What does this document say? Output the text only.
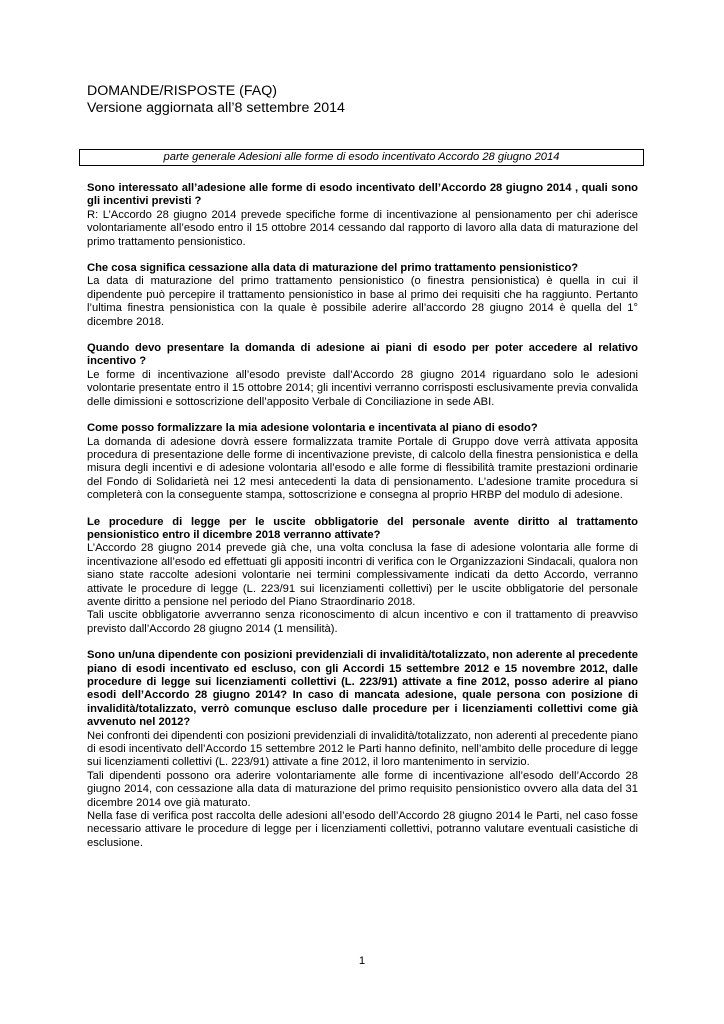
DOMANDE/RISPOSTE (FAQ)
Versione aggiornata all’8 settembre 2014
parte generale Adesioni alle forme di esodo incentivato Accordo 28 giugno 2014

Sono interessato all’adesione alle forme di esodo incentivato dell’Accordo 28 giugno 2014 , quali sono gli incentivi previsti ?

R: L’Accordo 28 giugno 2014 prevede specifiche forme di incentivazione al pensionamento per chi aderisce volontariamente all’esodo entro il 15 ottobre 2014 cessando dal rapporto di lavoro alla data di maturazione del primo trattamento pensionistico.

Che cosa significa cessazione alla data di maturazione del primo trattamento pensionistico?

La data di maturazione del primo trattamento pensionistico (o finestra pensionistica) è quella in cui il dipendente può percepire il trattamento pensionistico in base al primo dei requisiti che ha raggiunto. Pertanto l’ultima finestra pensionistica con la quale è possibile aderire all’accordo 28 giugno 2014 è quella del 1° dicembre 2018.

Quando devo presentare la domanda di adesione ai piani di esodo per poter accedere al relativo incentivo ?

Le forme di incentivazione all’esodo previste dall’Accordo 28 giugno 2014 riguardano solo le adesioni volontarie presentate entro il 15 ottobre 2014; gli incentivi verranno corrisposti esclusivamente previa convalida delle dimissioni e sottoscrizione dell’apposito Verbale di Conciliazione in sede ABI.

Come posso formalizzare la mia adesione volontaria e incentivata al piano di esodo?

La domanda di adesione dovrà essere formalizzata tramite Portale di Gruppo dove verrà attivata apposita procedura di presentazione delle forme di incentivazione previste, di calcolo della finestra pensionistica e della misura degli incentivi e di adesione volontaria all’esodo e alle forme di flessibilità tramite prestazioni ordinarie del Fondo di Solidarietà nei 12 mesi antecedenti la data di pensionamento. L’adesione tramite procedura si completerà con la conseguente stampa, sottoscrizione e consegna al proprio HRBP del modulo di adesione.

Le procedure di legge per le uscite obbligatorie del personale avente diritto al trattamento pensionistico entro il dicembre 2018 verranno attivate?

L’Accordo 28 giugno 2014 prevede già che, una volta conclusa la fase di adesione volontaria alle forme di incentivazione all’esodo ed effettuati gli appositi incontri di verifica con le Organizzazioni Sindacali, qualora non siano state raccolte adesioni volontarie nei termini complessivamente indicati da detto Accordo, verranno attivate le procedure di legge (L. 223/91 sui licenziamenti collettivi) per le uscite obbligatorie del personale avente diritto a pensione nel periodo del Piano Straordinario 2018.

Tali uscite obbligatorie avverranno senza riconoscimento di alcun incentivo e con il trattamento di preavviso previsto dall’Accordo 28 giugno 2014 (1 mensilità).

Sono un/una dipendente con posizioni previdenziali di invalidità/totalizzato, non aderente al precedente piano di esodi incentivato ed escluso, con gli Accordi 15 settembre 2012 e 15 novembre 2012, dalle procedure di legge sui licenziamenti collettivi (L. 223/91) attivate a fine 2012, posso aderire al piano esodi dell’Accordo 28 giugno 2014? In caso di mancata adesione, quale persona con posizione di invalidità/totalizzato, verrò comunque escluso dalle procedure per i licenziamenti collettivi come già avvenuto nel 2012?

Nei confronti dei dipendenti con posizioni previdenziali di invalidità/totalizzato, non aderenti al precedente piano di esodi incentivato dell’Accordo 15 settembre 2012 le Parti hanno definito, nell’ambito delle procedure di legge sui licenziamenti collettivi (L. 223/91) attivate a fine 2012, il loro mantenimento in servizio.

Tali dipendenti possono ora aderire volontariamente alle forme di incentivazione all’esodo dell’Accordo 28 giugno 2014, con cessazione alla data di maturazione del primo requisito pensionistico ovvero alla data del 31 dicembre 2014 ove già maturato.

Nella fase di verifica post raccolta delle adesioni all’esodo dell’Accordo 28 giugno 2014 le Parti, nel caso fosse necessario attivare le procedure di legge per i licenziamenti collettivi, potranno valutare eventuali casistiche di esclusione.

1
